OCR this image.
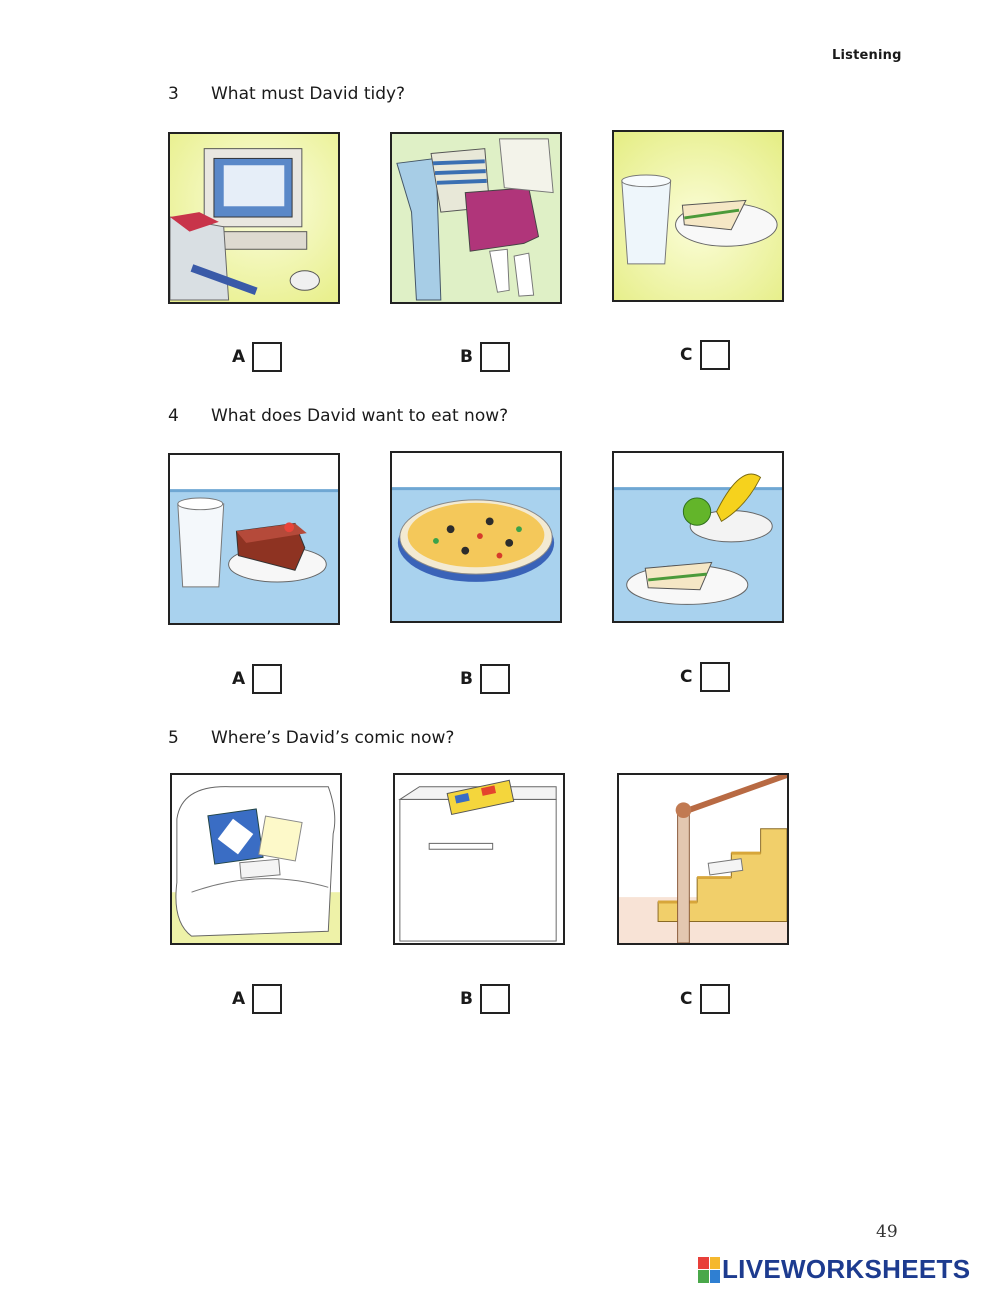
Listening
3 What must David tidy?
A	B	C
4 What does David want to eat now?
A	B	C
5 Where’s David’s comic now?
A	B	C
49
LIVEWORKSHEETS
